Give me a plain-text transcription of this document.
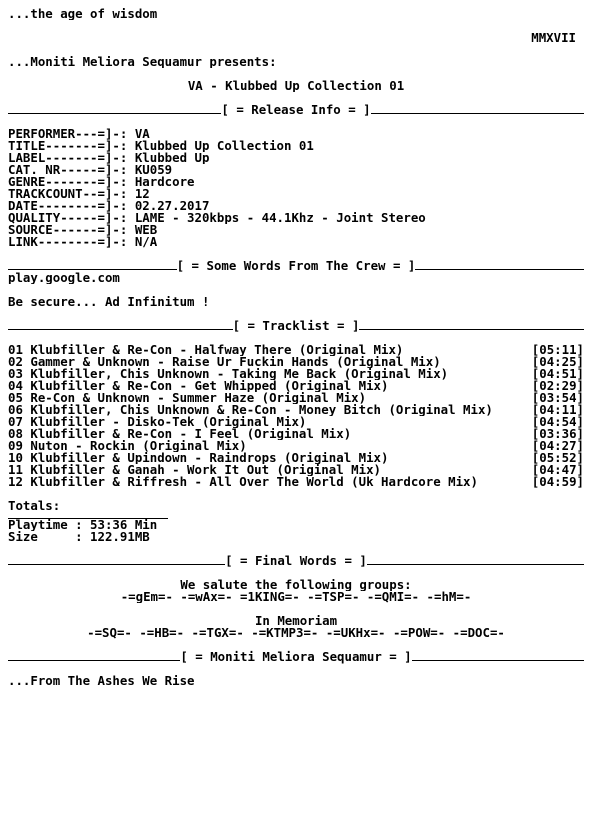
...the age of wisdom

MMXVII
...Moniti Meliora Sequamur presents:
VA - Klubbed Up Collection 01
[ = Release Info = ]
PERFORMER---=]-: VA
TITLE-------=]-: Klubbed Up Collection 01
LABEL-------=]-: Klubbed Up
CAT. NR-----=]-: KU059
GENRE-------=]-: Hardcore
TRACKCOUNT--=]-: 12
DATE--------=]-: 02.27.2017
QUALITY-----=]-: LAME - 320kbps - 44.1Khz - Joint Stereo
SOURCE------=]-: WEB
LINK--------=]-: N/A
[ = Some Words From The Crew = ]
play.google.com
Be secure... Ad Infinitum !
[ = Tracklist = ]
01 Klubfiller & Re-Con - Halfway There (Original Mix)	[05:11]
02 Gammer & Unknown - Raise Ur Fuckin Hands (Original Mix)	[04:25]
03 Klubfiller, Chis Unknown - Taking Me Back (Original Mix)	[04:51]
04 Klubfiller & Re-Con - Get Whipped (Original Mix)	[02:29]
05 Re-Con & Unknown - Summer Haze (Original Mix)	[03:54]
06 Klubfiller, Chis Unknown & Re-Con - Money Bitch (Original Mix)	[04:11]
07 Klubfiller - Disko-Tek (Original Mix)	[04:54]
08 Klubfiller & Re-Con - I Feel (Original Mix)	[03:36]
09 Nuton - Rockin (Original Mix)	[04:27]
10 Klubfiller & Upindown - Raindrops (Original Mix)	[05:52]
11 Klubfiller & Ganah - Work It Out (Original Mix)	[04:47]
12 Klubfiller & Riffresh - All Over The World (Uk Hardcore Mix)	[04:59]
Totals:
Playtime : 53:36 Min
Size     : 122.91MB
[ = Final Words = ]
We salute the following groups:
-=gEm=- -=wAx=- =1KING=- -=TSP=- -=QMI=- -=hM=-
In Memoriam
-=SQ=- -=HB=- -=TGX=- -=KTMP3=- -=UKHx=- -=POW=- -=DOC=-
[ = Moniti Meliora Sequamur = ]
...From The Ashes We Rise
